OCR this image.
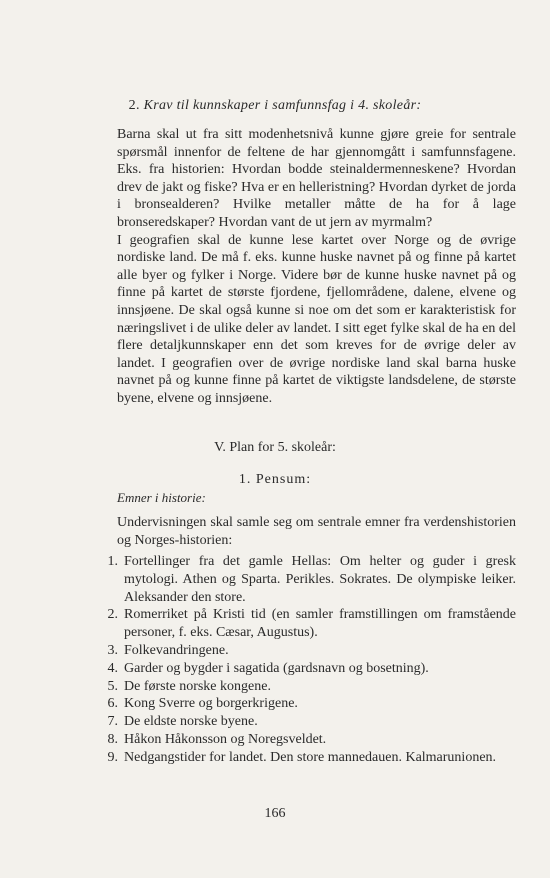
2. Krav til kunnskaper i samfunnsfag i 4. skoleår:

Barna skal ut fra sitt modenhetsnivå kunne gjøre greie for sentrale spørsmål innenfor de feltene de har gjennomgått i samfunnsfagene. Eks. fra historien: Hvordan bodde steinaldermenneskene? Hvordan drev de jakt og fiske? Hva er en helleristning? Hvordan dyrket de jorda i bronsealderen? Hvilke metaller måtte de ha for å lage bronseredskaper? Hvordan vant de ut jern av myrmalm?

I geografien skal de kunne lese kartet over Norge og de øvrige nordiske land. De må f. eks. kunne huske navnet på og finne på kartet alle byer og fylker i Norge. Videre bør de kunne huske navnet på og finne på kartet de største fjordene, fjellområdene, dalene, elvene og innsjøene. De skal også kunne si noe om det som er karakteristisk for næringslivet i de ulike deler av landet. I sitt eget fylke skal de ha en del flere detaljkunnskaper enn det som kreves for de øvrige deler av landet. I geografien over de øvrige nordiske land skal barna huske navnet på og kunne finne på kartet de viktigste landsdelene, de største byene, elvene og innsjøene.

V. Plan for 5. skoleår:
1. Pensum:
Emner i historie:

Undervisningen skal samle seg om sentrale emner fra verdenshistorien og Norges-historien:

1. Fortellinger fra det gamle Hellas: Om helter og guder i gresk mytologi. Athen og Sparta. Perikles. Sokrates. De olympiske leiker. Aleksander den store.
2. Romerriket på Kristi tid (en samler framstillingen om framstående personer, f. eks. Cæsar, Augustus).
3. Folkevandringene.
4. Garder og bygder i sagatida (gardsnavn og bosetning).
5. De første norske kongene.
6. Kong Sverre og borgerkrigene.
7. De eldste norske byene.
8. Håkon Håkonsson og Noregsveldet.
9. Nedgangstider for landet. Den store mannedauen. Kalmarunionen.
166
